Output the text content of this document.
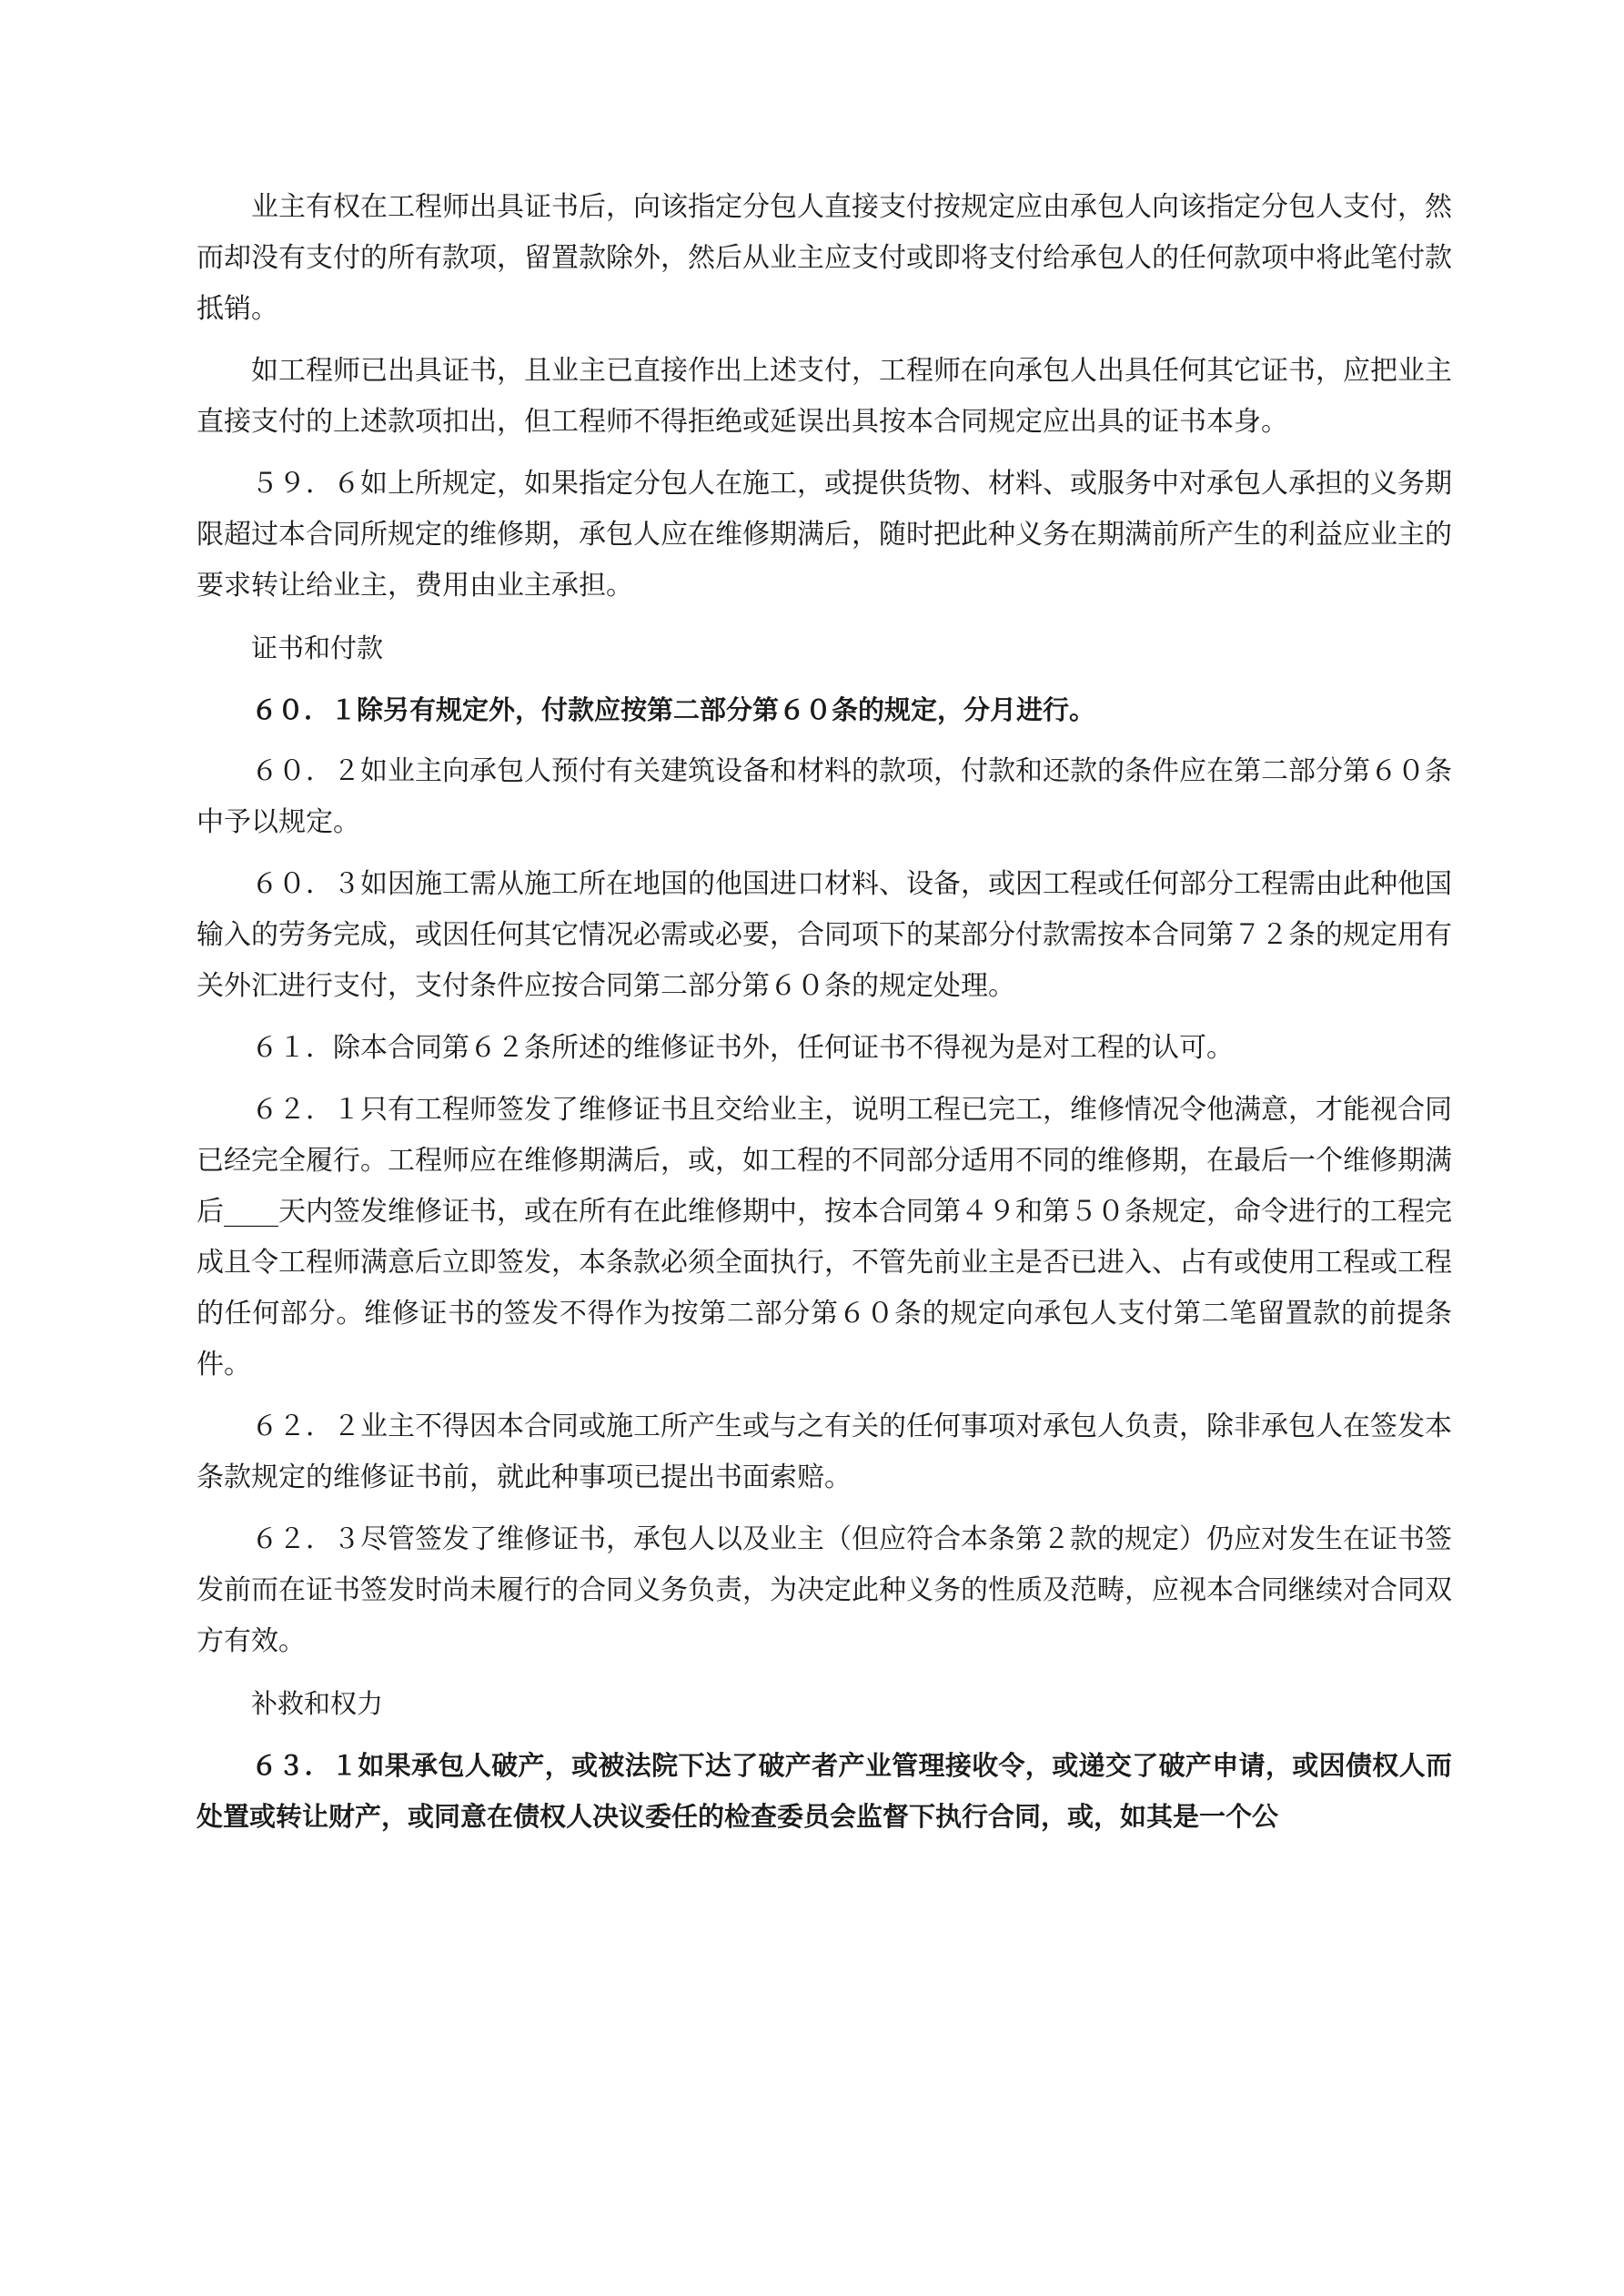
业主有权在工程师出具证书后，向该指定分包人直接支付按规定应由承包人向该指定分包人支付，然而却没有支付的所有款项，留置款除外，然后从业主应支付或即将支付给承包人的任何款项中将此笔付款抵销。

如工程师已出具证书，且业主已直接作出上述支付，工程师在向承包人出具任何其它证书，应把业主直接支付的上述款项扣出，但工程师不得拒绝或延误出具按本合同规定应出具的证书本身。

５９．６如上所规定，如果指定分包人在施工，或提供货物、材料、或服务中对承包人承担的义务期限超过本合同所规定的维修期，承包人应在维修期满后，随时把此种义务在期满前所产生的利益应业主的要求转让给业主，费用由业主承担。

证书和付款

６０．１除另有规定外，付款应按第二部分第６０条的规定，分月进行。

６０．２如业主向承包人预付有关建筑设备和材料的款项，付款和还款的条件应在第二部分第６０条中予以规定。

６０．３如因施工需从施工所在地国的他国进口材料、设备，或因工程或任何部分工程需由此种他国输入的劳务完成，或因任何其它情况必需或必要，合同项下的某部分付款需按本合同第７２条的规定用有关外汇进行支付，支付条件应按合同第二部分第６０条的规定处理。

６１．除本合同第６２条所述的维修证书外，任何证书不得视为是对工程的认可。

６２．１只有工程师签发了维修证书且交给业主，说明工程已完工，维修情况令他满意，才能视合同已经完全履行。工程师应在维修期满后，或，如工程的不同部分适用不同的维修期，在最后一个维修期满后____天内签发维修证书，或在所有在此维修期中，按本合同第４９和第５０条规定，命令进行的工程完成且令工程师满意后立即签发，本条款必须全面执行，不管先前业主是否已进入、占有或使用工程或工程的任何部分。维修证书的签发不得作为按第二部分第６０条的规定向承包人支付第二笔留置款的前提条件。

６２．２业主不得因本合同或施工所产生或与之有关的任何事项对承包人负责，除非承包人在签发本条款规定的维修证书前，就此种事项已提出书面索赔。

６２．３尽管签发了维修证书，承包人以及业主（但应符合本条第２款的规定）仍应对发生在证书签发前而在证书签发时尚未履行的合同义务负责，为决定此种义务的性质及范畴，应视本合同继续对合同双方有效。

补救和权力

６３．１如果承包人破产，或被法院下达了破产者产业管理接收令，或递交了破产申请，或因债权人而处置或转让财产，或同意在债权人决议委任的检查委员会监督下执行合同，或，如其是一个公
